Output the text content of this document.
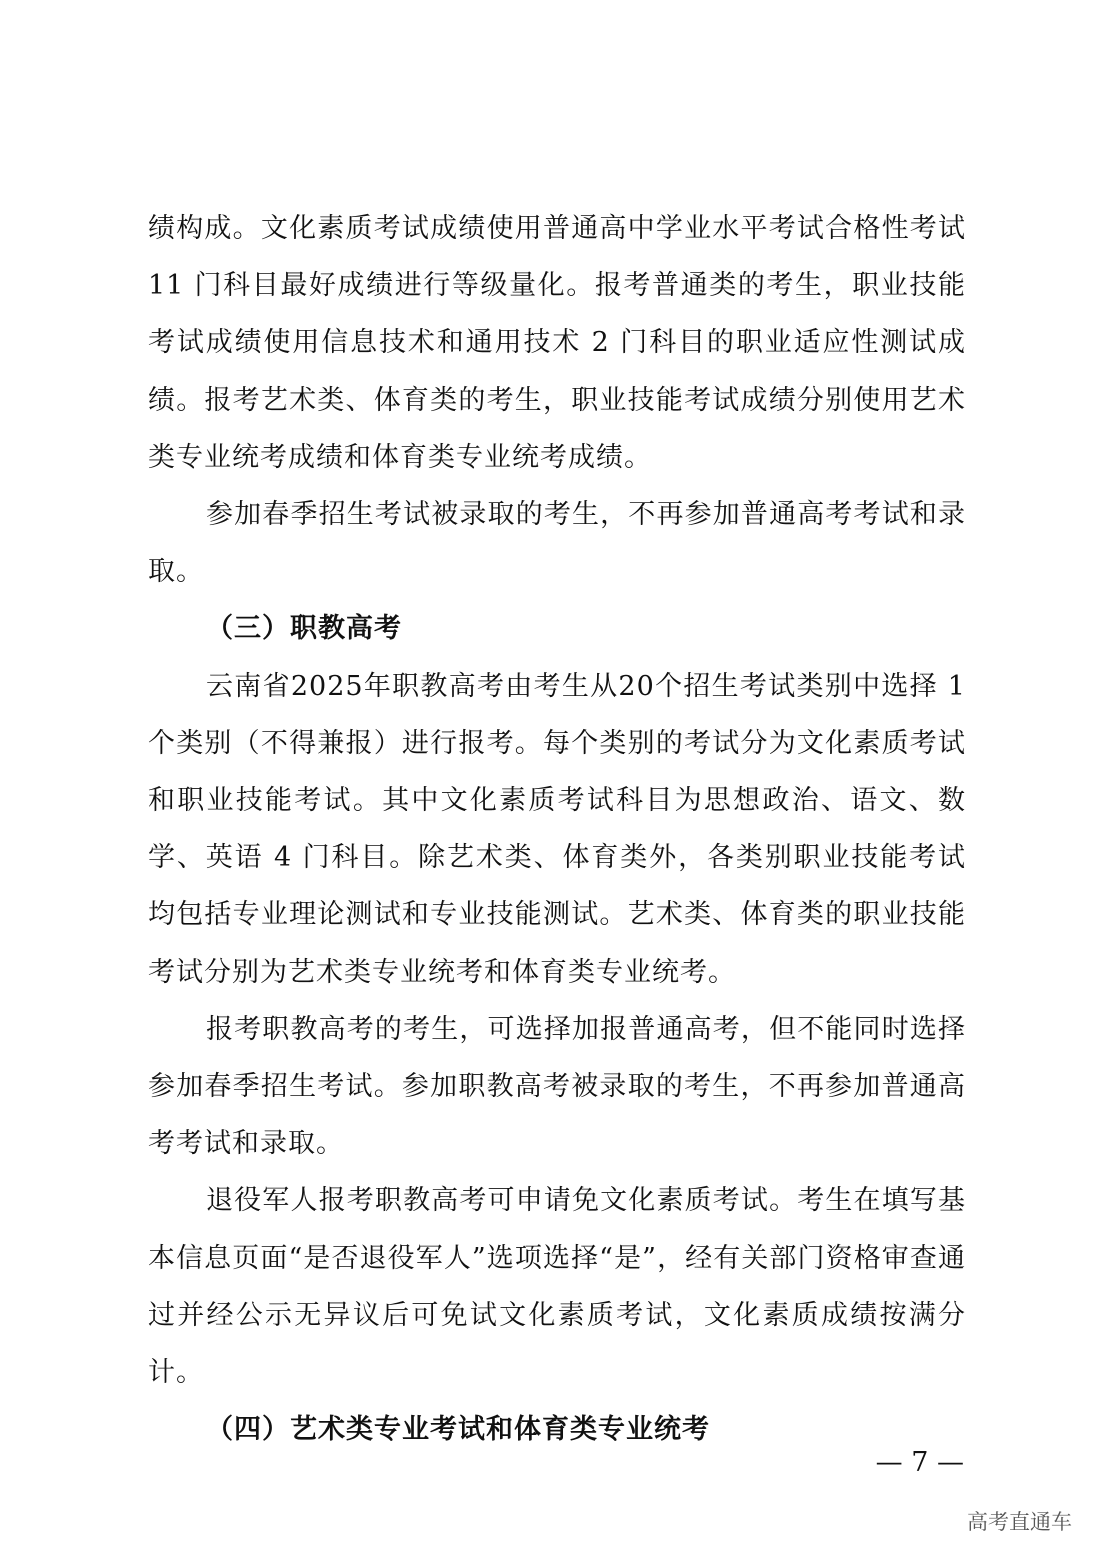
绩构成。文化素质考试成绩使用普通高中学业水平考试合格性考试 11 门科目最好成绩进行等级量化。报考普通类的考生，职业技能考试成绩使用信息技术和通用技术 2 门科目的职业适应性测试成绩。报考艺术类、体育类的考生，职业技能考试成绩分别使用艺术类专业统考成绩和体育类专业统考成绩。

参加春季招生考试被录取的考生，不再参加普通高考考试和录取。

（三）职教高考

云南省2025年职教高考由考生从20个招生考试类别中选择 1 个类别（不得兼报）进行报考。每个类别的考试分为文化素质考试和职业技能考试。其中文化素质考试科目为思想政治、语文、数学、英语 4 门科目。除艺术类、体育类外，各类别职业技能考试均包括专业理论测试和专业技能测试。艺术类、体育类的职业技能考试分别为艺术类专业统考和体育类专业统考。

报考职教高考的考生，可选择加报普通高考，但不能同时选择参加春季招生考试。参加职教高考被录取的考生，不再参加普通高考考试和录取。

退役军人报考职教高考可申请免文化素质考试。考生在填写基本信息页面“是否退役军人”选项选择“是”，经有关部门资格审查通过并经公示无异议后可免试文化素质考试，文化素质成绩按满分计。

（四）艺术类专业考试和体育类专业统考

— 7 —
高考直通车
